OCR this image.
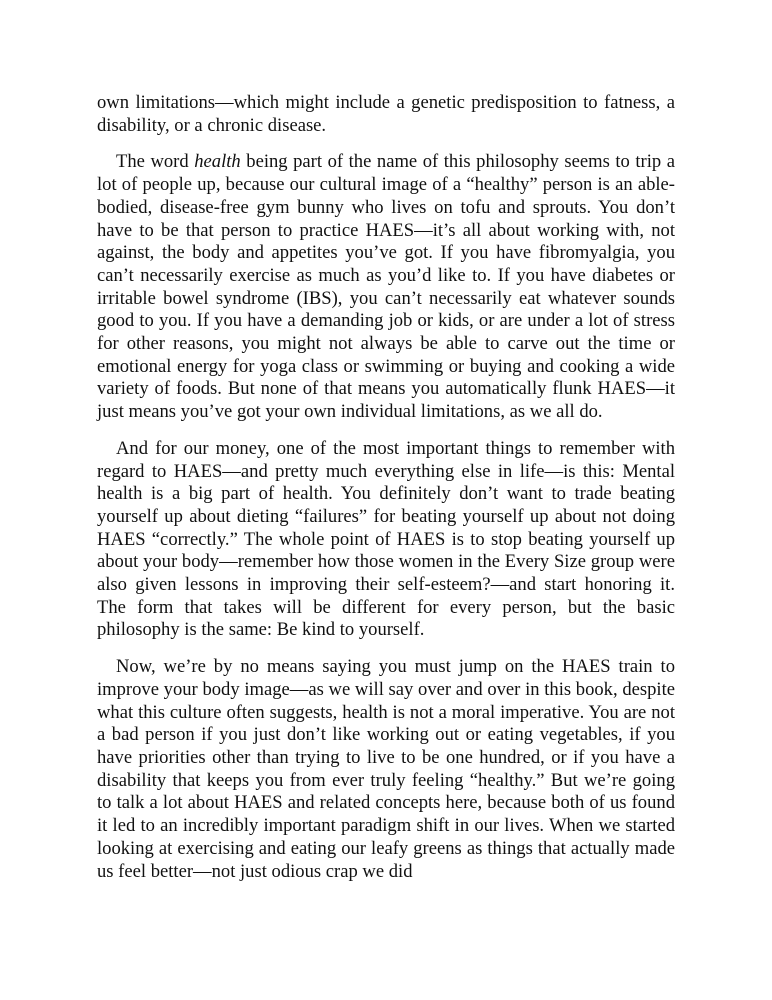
own limitations—which might include a genetic predisposition to fatness, a disability, or a chronic disease.

The word health being part of the name of this philosophy seems to trip a lot of people up, because our cultural image of a “healthy” person is an able-bodied, disease-free gym bunny who lives on tofu and sprouts. You don’t have to be that person to practice HAES—it’s all about working with, not against, the body and appetites you’ve got. If you have fibromyalgia, you can’t necessarily exercise as much as you’d like to. If you have diabetes or irritable bowel syndrome (IBS), you can’t necessarily eat whatever sounds good to you. If you have a demanding job or kids, or are under a lot of stress for other reasons, you might not always be able to carve out the time or emotional energy for yoga class or swimming or buying and cooking a wide variety of foods. But none of that means you automatically flunk HAES—it just means you’ve got your own individual limitations, as we all do.

And for our money, one of the most important things to remember with regard to HAES—and pretty much everything else in life—is this: Mental health is a big part of health. You definitely don’t want to trade beating yourself up about dieting “failures” for beating yourself up about not doing HAES “correctly.” The whole point of HAES is to stop beating yourself up about your body—remember how those women in the Every Size group were also given lessons in improving their self-esteem?—and start honoring it. The form that takes will be different for every person, but the basic philosophy is the same: Be kind to yourself.

Now, we’re by no means saying you must jump on the HAES train to improve your body image—as we will say over and over in this book, despite what this culture often suggests, health is not a moral imperative. You are not a bad person if you just don’t like working out or eating vegetables, if you have priorities other than trying to live to be one hundred, or if you have a disability that keeps you from ever truly feeling “healthy.” But we’re going to talk a lot about HAES and related concepts here, because both of us found it led to an incredibly important paradigm shift in our lives. When we started looking at exercising and eating our leafy greens as things that actually made us feel better—not just odious crap we did
